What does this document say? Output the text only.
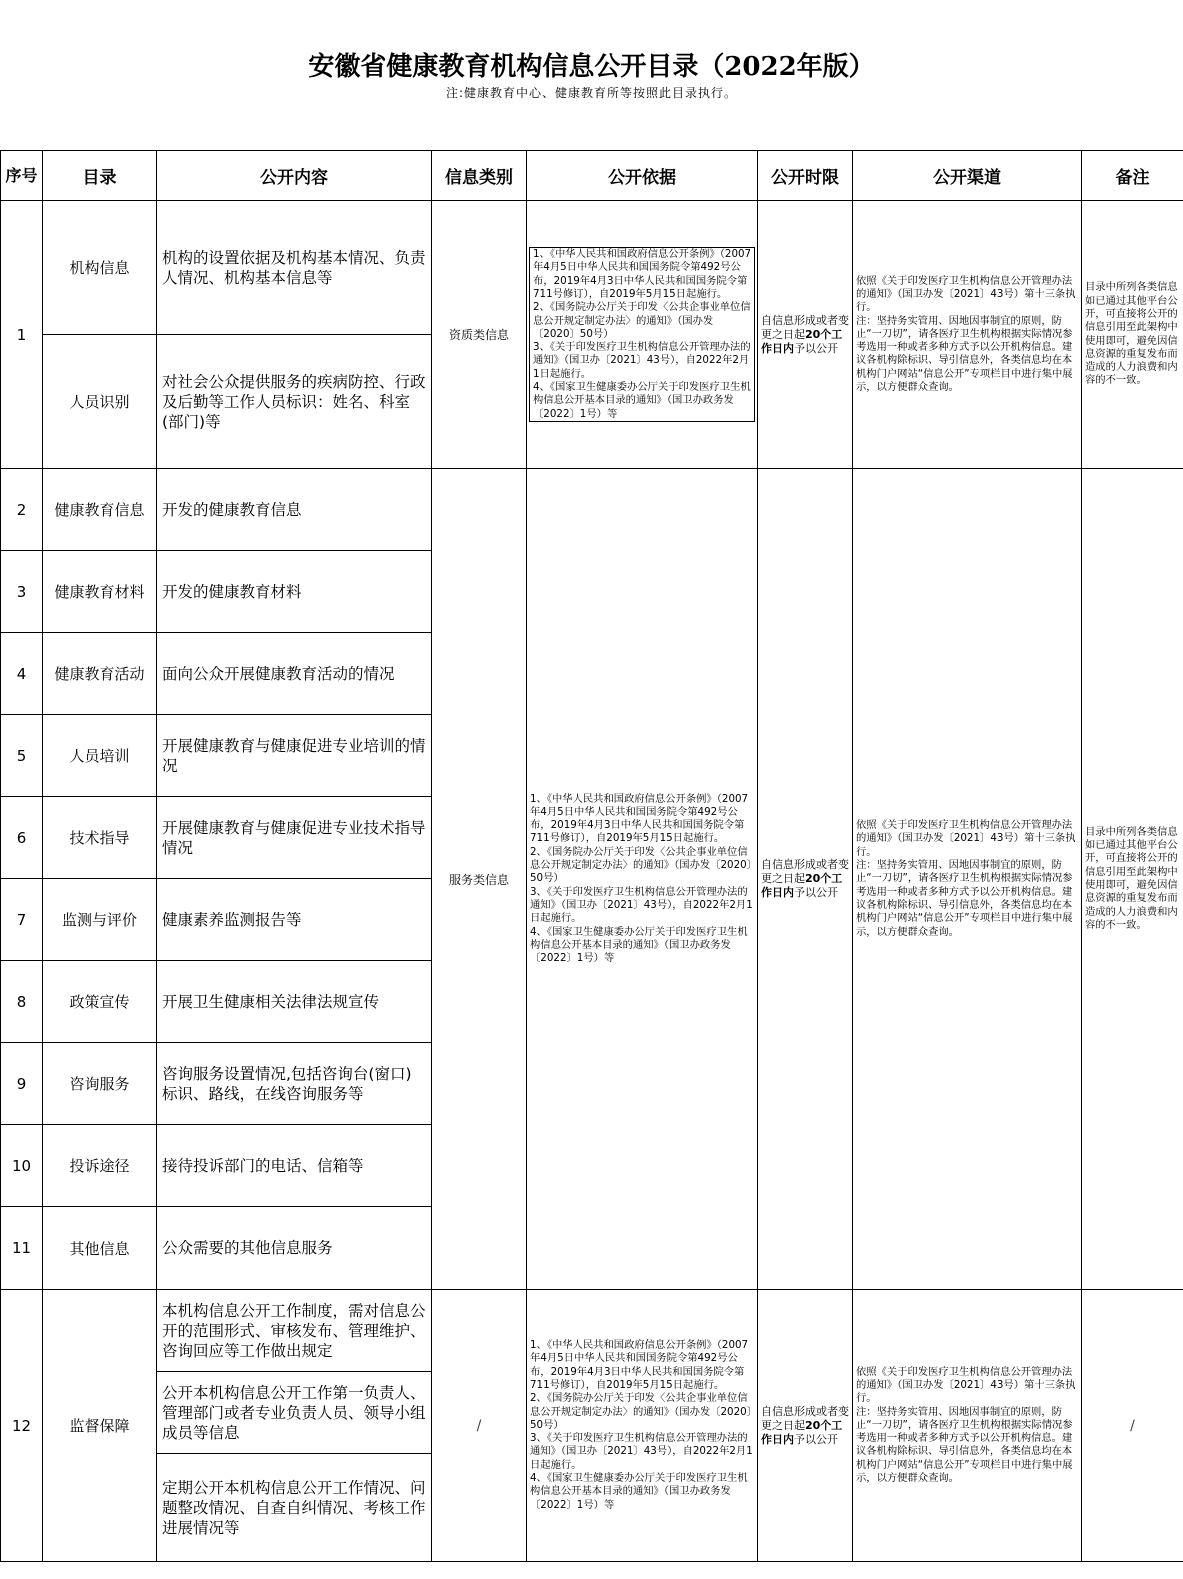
安徽省健康教育机构信息公开目录（2022年版）
注:健康教育中心、健康教育所等按照此目录执行。
序号	目录	公开内容	信息类别	公开依据	公开时限	公开渠道	备注
1	机构信息	机构的设置依据及机构基本情况、负责人情况、机构基本信息等	资质类信息	1、《中华人民共和国政府信息公开条例》（2007年4月5日中华人民共和国国务院令第492号公布，2019年4月3日中华人民共和国国务院令第711号修订），自2019年5月15日起施行。
2、《国务院办公厅关于印发〈公共企事业单位信息公开规定制定办法〉的通知》（国办发〔2020〕50号）
3、《关于印发医疗卫生机构信息公开管理办法的通知》（国卫办〔2021〕43号），自2022年2月1日起施行。
4、《国家卫生健康委办公厅关于印发医疗卫生机构信息公开基本目录的通知》（国卫办政务发〔2022〕1号）等	自信息形成或者变更之日起20个工作日内予以公开	依照《关于印发医疗卫生机构信息公开管理办法的通知》（国卫办发〔2021〕43号）第十三条执行。
注：坚持务实管用、因地因事制宜的原则，防止“一刀切”，请各医疗卫生机构根据实际情况参考选用一种或者多种方式予以公开机构信息。建议各机构除标识、导引信息外，各类信息均在本机构门户网站“信息公开”专项栏目中进行集中展示，以方便群众查询。	目录中所列各类信息如已通过其他平台公开，可直接将公开的信息引用至此架构中使用即可，避免因信息资源的重复发布而造成的人力浪费和内容的不一致。

	人员识别	对社会公众提供服务的疾病防控、行政及后勤等工作人员标识：姓名、科室(部门)等					
2	健康教育信息	开发的健康教育信息	服务类信息	1、《中华人民共和国政府信息公开条例》（2007年4月5日中华人民共和国国务院令第492号公布，2019年4月3日中华人民共和国国务院令第711号修订），自2019年5月15日起施行。
2、《国务院办公厅关于印发〈公共企事业单位信息公开规定制定办法〉的通知》（国办发〔2020〕50号）
3、《关于印发医疗卫生机构信息公开管理办法的通知》（国卫办〔2021〕43号），自2022年2月1日起施行。
4、《国家卫生健康委办公厅关于印发医疗卫生机构信息公开基本目录的通知》（国卫办政务发〔2022〕1号）等	自信息形成或者变更之日起20个工作日内予以公开	依照《关于印发医疗卫生机构信息公开管理办法的通知》（国卫办发〔2021〕43号）第十三条执行。
注：坚持务实管用、因地因事制宜的原则，防止“一刀切”，请各医疗卫生机构根据实际情况参考选用一种或者多种方式予以公开机构信息。建议各机构除标识、导引信息外，各类信息均在本机构门户网站“信息公开”专项栏目中进行集中展示，以方便群众查询。	目录中所列各类信息如已通过其他平台公开，可直接将公开的信息引用至此架构中使用即可，避免因信息资源的重复发布而造成的人力浪费和内容的不一致。

3	健康教育材料	开发的健康教育材料					
4	健康教育活动	面向公众开展健康教育活动的情况					
5	人员培训	开展健康教育与健康促进专业培训的情况					
6	技术指导	开展健康教育与健康促进专业技术指导情况					
7	监测与评价	健康素养监测报告等					
8	政策宣传	开展卫生健康相关法律法规宣传					
9	咨询服务	咨询服务设置情况,包括咨询台(窗口)标识、路线，在线咨询服务等					
10	投诉途径	接待投诉部门的电话、信箱等					
11	其他信息	公众需要的其他信息服务					
12	监督保障	本机构信息公开工作制度，需对信息公开的范围形式、审核发布、管理维护、咨询回应等工作做出规定	/	1、《中华人民共和国政府信息公开条例》（2007年4月5日中华人民共和国国务院令第492号公布，2019年4月3日中华人民共和国国务院令第711号修订），自2019年5月15日起施行。
2、《国务院办公厅关于印发〈公共企事业单位信息公开规定制定办法〉的通知》（国办发〔2020〕50号）
3、《关于印发医疗卫生机构信息公开管理办法的通知》（国卫办〔2021〕43号），自2022年2月1日起施行。
4、《国家卫生健康委办公厅关于印发医疗卫生机构信息公开基本目录的通知》（国卫办政务发〔2022〕1号）等	自信息形成或者变更之日起20个工作日内予以公开	依照《关于印发医疗卫生机构信息公开管理办法的通知》（国卫办发〔2021〕43号）第十三条执行。
注：坚持务实管用、因地因事制宜的原则，防止“一刀切”，请各医疗卫生机构根据实际情况参考选用一种或者多种方式予以公开机构信息。建议各机构除标识、导引信息外，各类信息均在本机构门户网站“信息公开”专项栏目中进行集中展示，以方便群众查询。	/
		公开本机构信息公开工作第一负责人、管理部门或者专业负责人员、领导小组成员等信息					
		定期公开本机构信息公开工作情况、问题整改情况、自查自纠情况、考核工作进展情况等					
